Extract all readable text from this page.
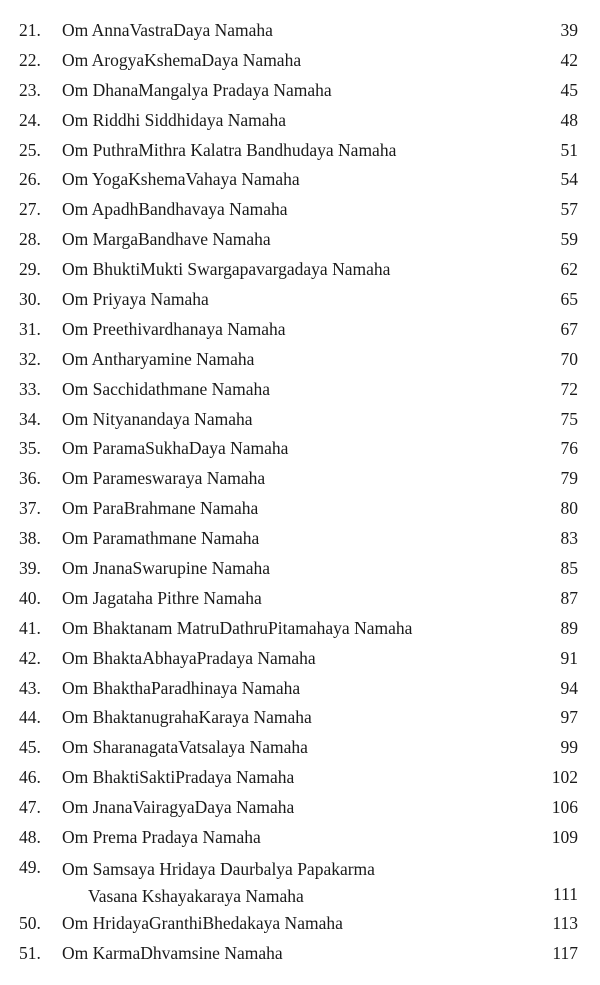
21.	Om AnnaVastraDaya Namaha	39
22.	Om ArogyaKshemaDaya Namaha	42
23.	Om DhanaMangalya Pradaya Namaha	45
24.	Om Riddhi Siddhidaya Namaha	48
25.	Om PuthraMithra Kalatra Bandhudaya Namaha	51
26.	Om YogaKshemaVahaya Namaha	54
27.	Om ApadhBandhavaya Namaha	57
28.	Om MargaBandhave Namaha	59
29.	Om BhuktiMukti Swargapavargadaya Namaha	62
30.	Om Priyaya Namaha	65
31.	Om Preethivardhanaya Namaha	67
32.	Om Antharyamine Namaha	70
33.	Om Sacchidathmane Namaha	72
34.	Om Nityanandaya Namaha	75
35.	Om ParamaSukhaDaya Namaha	76
36.	Om Parameswaraya Namaha	79
37.	Om ParaBrahmane Namaha	80
38.	Om Paramathmane Namaha	83
39.	Om JnanaSwarupine Namaha	85
40.	Om Jagataha Pithre Namaha	87
41.	Om Bhaktanam MatruDathruPitamahaya Namaha	89
42.	Om BhaktaAbhayaPradaya Namaha	91
43.	Om BhakthaParadhinaya Namaha	94
44.	Om BhaktanugrahaKaraya Namaha	97
45.	Om SharanagataVatsalaya Namaha	99
46.	Om BhaktiSaktiPradaya Namaha	102
47.	Om JnanaVairagyaDaya Namaha	106
48.	Om Prema Pradaya Namaha	109
49.	Om Samsaya Hridaya Daurbalya Papakarma
Vasana Kshayakaraya Namaha	111
50.	Om HridayaGranthiBhedakaya Namaha	113
51.	Om KarmaDhvamsine Namaha	117
